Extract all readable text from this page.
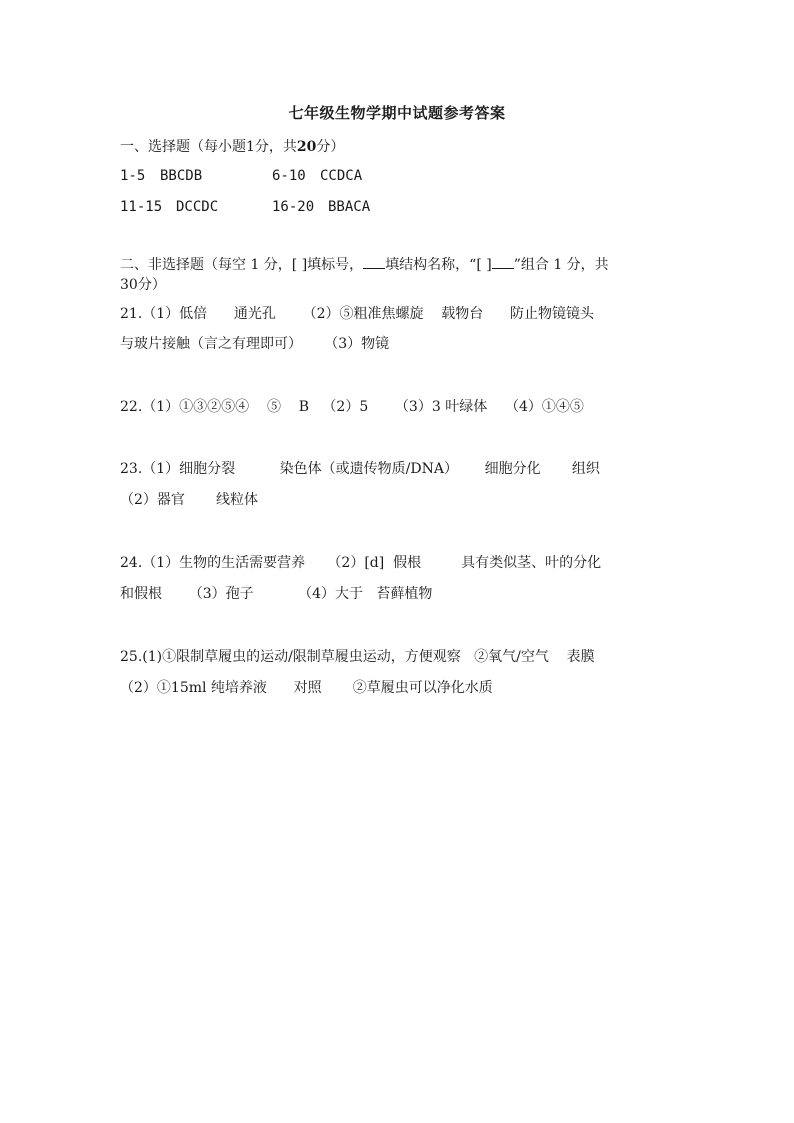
七年级生物学期中试题参考答案
一、选择题（每小题1分，共20分）
1-5 BBCDB	6-10 CCDCA
11-15 DCCDC	16-20 BBACA
二、非选择题（每空 1 分，[ ]填标号， 填结构名称，“[ ] ”组合 1 分，共
30分）
21.（1）低倍      通光孔      （2）⑤粗准焦螺旋    载物台      防止物镜镜头
与玻片接触（言之有理即可）     （3）物镜
22.（1）①③②⑤④    ⑤    B   （2）5      （3）3 叶绿体    （4）①④⑤
23.（1）细胞分裂          染色体（或遗传物质/DNA）      细胞分化       组织
（2）器官       线粒体
24.（1）生物的生活需要营养     （2）[d]  假根         具有类似茎、叶的分化
和假根      （3）孢子          （4）大于   苔藓植物
25.(1)①限制草履虫的运动/限制草履虫运动，方便观察   ②氧气/空气    表膜
（2）①15ml 纯培养液      对照       ②草履虫可以净化水质
